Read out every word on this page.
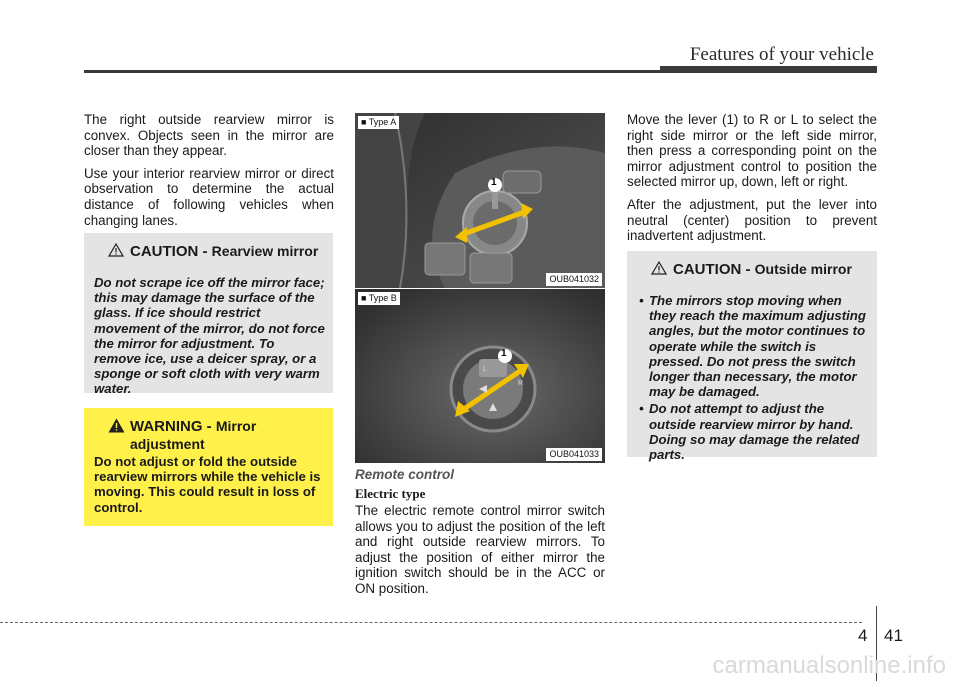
Features of your vehicle

The right outside rearview mirror is convex. Objects seen in the mirror are closer than they appear.

Use your interior rearview mirror or direct observation to determine the actual distance of following vehicles when changing lanes.

CAUTION - Rearview mirror
Do not scrape ice off the mirror face; this may damage the surface of the glass. If ice should restrict movement of the mirror, do not force the mirror for adjustment. To remove ice, use a deicer spray, or a sponge or soft cloth with very warm water.
WARNING - Mirror adjustment
Do not adjust or fold the outside rearview mirrors while the vehicle is moving. This could result in loss of control.
■ Type A
1
OUB041032
L
R
■ Type B
1
OUB041033
Remote control
Electric type

The electric remote control mirror switch allows you to adjust the position of the left and right outside rearview mirrors. To adjust the position of either mirror the ignition switch should be in the ACC or ON position.

Move the lever (1) to R or L to select the right side mirror or the left side mirror, then press a corresponding point on the mirror adjustment control to position the selected mirror up, down, left or right.

After the adjustment, put the lever into neutral (center) position to prevent inadvertent adjustment.

CAUTION - Outside mirror
• The mirrors stop moving when they reach the maximum adjusting angles, but the motor continues to operate while the switch is pressed. Do not press the switch longer than necessary, the motor may be damaged.
• Do not attempt to adjust the outside rearview mirror by hand. Doing so may damage the related parts.
4 41
carmanualsonline.info
